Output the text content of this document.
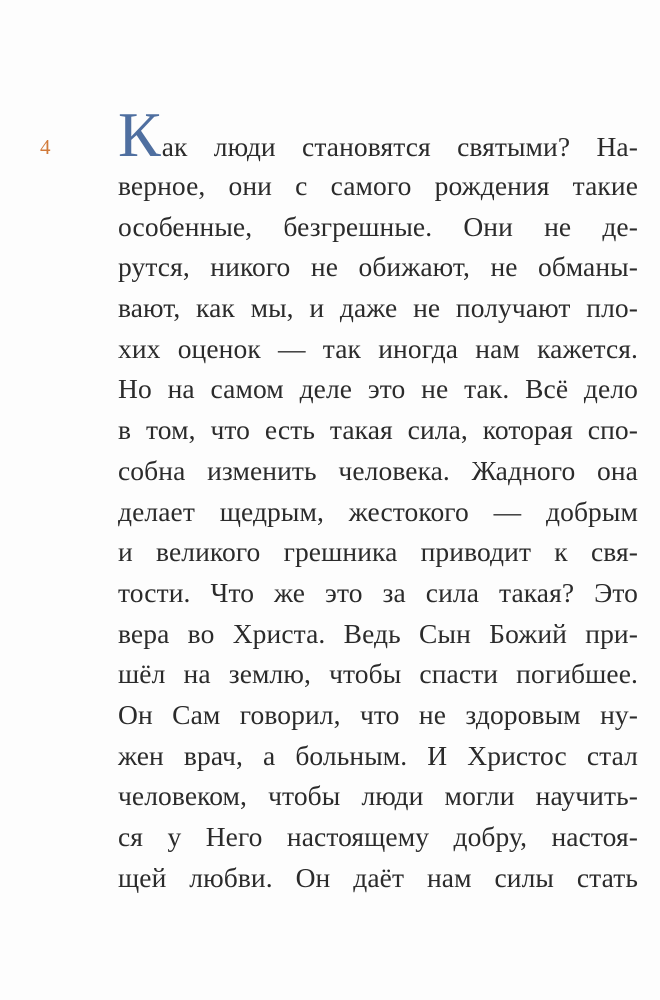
4 К ак люди становятся святыми? На-
верное, они с самого рождения такие
особенные, безгрешные. Они не де-
рутся, никого не обижают, не обманы-
вают, как мы, и даже не получают пло-
хих оценок — так иногда нам кажется.
Но на самом деле это не так. Всё дело
в том, что есть такая сила, которая спо-
собна изменить человека. Жадного она
делает щедрым, жестокого — добрым
и великого грешника приводит к свя-
тости. Что же это за сила такая? Это
вера во Христа. Ведь Сын Божий при-
шёл на землю, чтобы спасти погибшее.
Он Сам говорил, что не здоровым ну-
жен врач, а больным. И Христос стал
человеком, чтобы люди могли научить-
ся у Него настоящему добру, настоя-
щей любви. Он даёт нам силы стать
